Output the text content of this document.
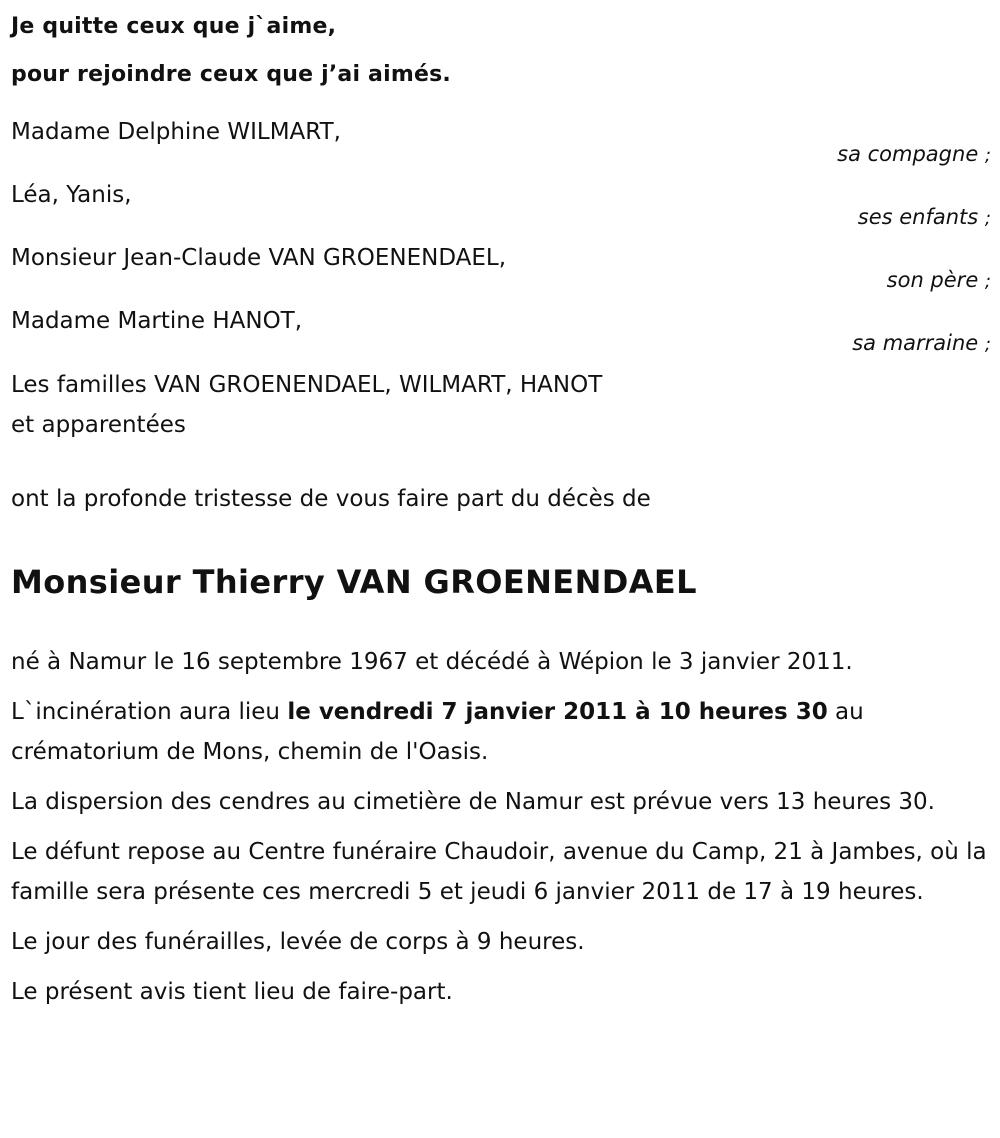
Je quitte ceux que j`aime,
pour rejoindre ceux que j’ai aimés.
Madame Delphine WILMART,
sa compagne ;
Léa, Yanis,
ses enfants ;
Monsieur Jean-Claude VAN GROENENDAEL,
son père ;
Madame Martine HANOT,
sa marraine ;
Les familles VAN GROENENDAEL, WILMART, HANOT
et apparentées
ont la profonde tristesse de vous faire part du décès de
Monsieur Thierry VAN GROENENDAEL

né à Namur le 16 septembre 1967 et décédé à Wépion le 3 janvier 2011.

L`incinération aura lieu le vendredi 7 janvier 2011 à 10 heures 30 au crématorium de Mons, chemin de l'Oasis.

La dispersion des cendres au cimetière de Namur est prévue vers 13 heures 30.

Le défunt repose au Centre funéraire Chaudoir, avenue du Camp, 21 à Jambes, où la famille sera présente ces mercredi 5 et jeudi 6 janvier 2011 de 17 à 19 heures.

Le jour des funérailles, levée de corps à 9 heures.

Le présent avis tient lieu de faire-part.
